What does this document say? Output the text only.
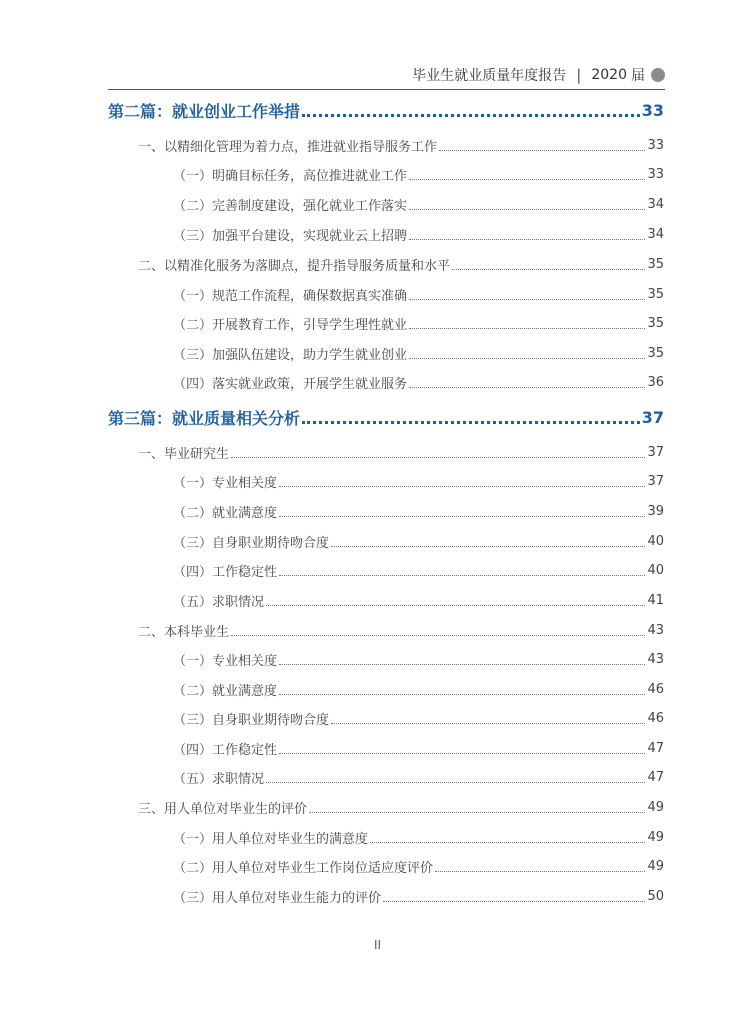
毕业生就业质量年度报告 | 2020 届
第二篇：就业创业工作举措	33
一、以精细化管理为着力点，推进就业指导服务工作	33
（一）明确目标任务，高位推进就业工作	33
（二）完善制度建设，强化就业工作落实	34
（三）加强平台建设，实现就业云上招聘	34
二、以精准化服务为落脚点，提升指导服务质量和水平	35
（一）规范工作流程，确保数据真实准确	35
（二）开展教育工作，引导学生理性就业	35
（三）加强队伍建设，助力学生就业创业	35
（四）落实就业政策，开展学生就业服务	36
第三篇：就业质量相关分析	37
一、毕业研究生	37
（一）专业相关度	37
（二）就业满意度	39
（三）自身职业期待吻合度	40
（四）工作稳定性	40
（五）求职情况	41
二、本科毕业生	43
（一）专业相关度	43
（二）就业满意度	46
（三）自身职业期待吻合度	46
（四）工作稳定性	47
（五）求职情况	47
三、用人单位对毕业生的评价	49
（一）用人单位对毕业生的满意度	49
（二）用人单位对毕业生工作岗位适应度评价	49
（三）用人单位对毕业生能力的评价	50
II
